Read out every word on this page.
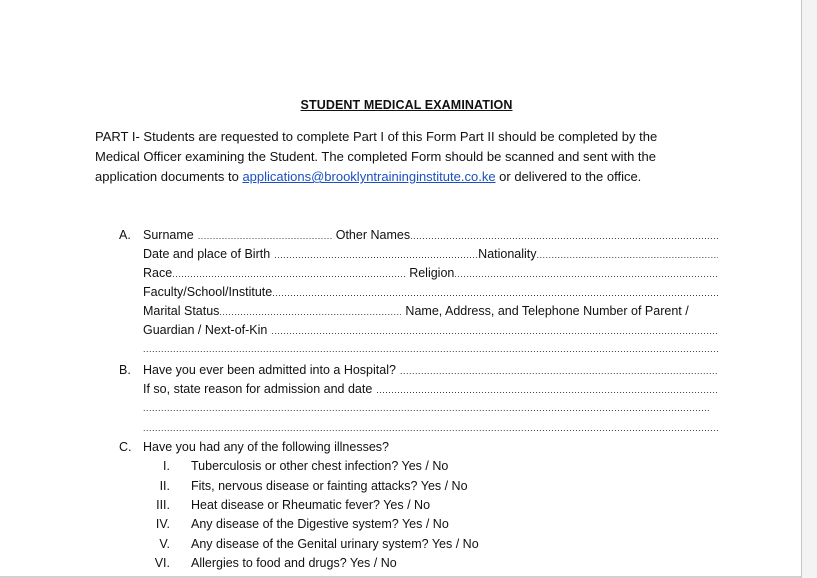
STUDENT MEDICAL EXAMINATION
PART I- Students are requested to complete Part I of this Form Part II should be completed by the
Medical Officer examining the Student. The completed Form should be scanned and sent with the
application documents to applications@brooklyntraininginstitute.co.ke or delivered to the office.
A. Surname .....	Other Names
.....
Date and place of Birth .....	Nationality
.....
Race .....	Religion
.....
Faculty/School/Institute
.....
Marital Status .....	Name, Address, and Telephone Number of Parent /
Guardian / Next-of-Kin
.....
.....
B. Have you ever been admitted into a Hospital?
.....
If so, state reason for admission and date
.....
.....
.....
C. Have you had any of the following illnesses?
I. Tuberculosis or other chest infection? Yes / No
II. Fits, nervous disease or fainting attacks? Yes / No
III. Heat disease or Rheumatic fever? Yes / No
IV. Any disease of the Digestive system? Yes / No
V. Any disease of the Genital urinary system? Yes / No
VI. Allergies to food and drugs? Yes / No
